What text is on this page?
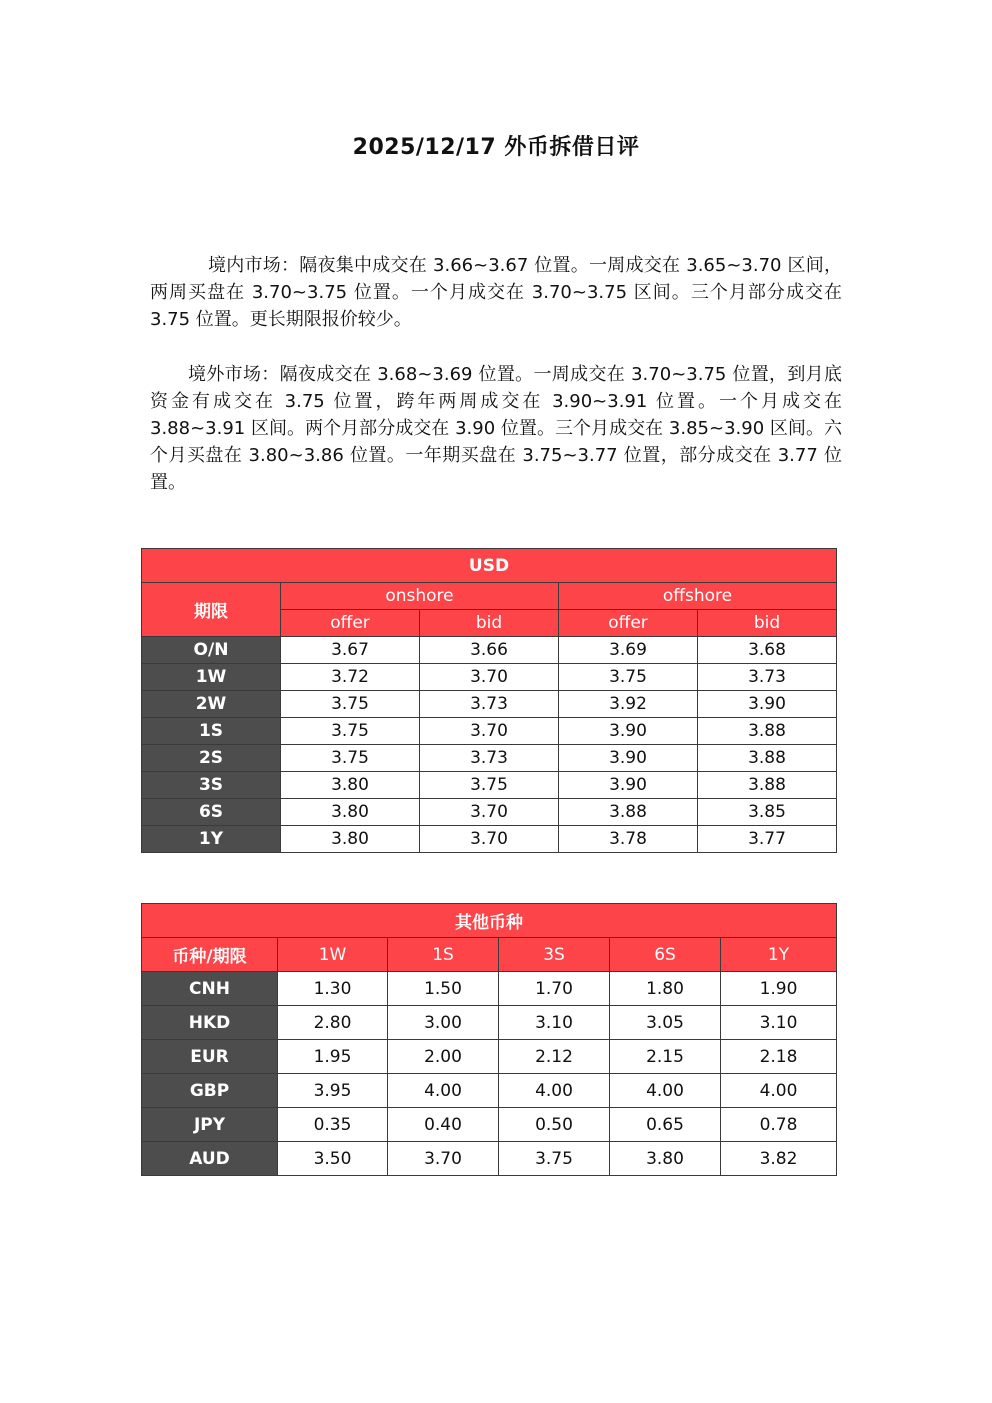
2025/12/17 外币拆借日评

境内市场：隔夜集中成交在 3.66~3.67 位置。一周成交在 3.65~3.70 区间，两周买盘在 3.70~3.75 位置。一个月成交在 3.70~3.75 区间。三个月部分成交在 3.75 位置。更长期限报价较少。

境外市场：隔夜成交在 3.68~3.69 位置。一周成交在 3.70~3.75 位置，到月底资金有成交在 3.75 位置，跨年两周成交在 3.90~3.91 位置。一个月成交在 3.88~3.91 区间。两个月部分成交在 3.90 位置。三个月成交在 3.85~3.90 区间。六个月买盘在 3.80~3.86 位置。一年期买盘在 3.75~3.77 位置，部分成交在 3.77 位置。

USD				
期限	onshore		offshore	
	offer	bid	offer	bid
O/N	3.67	3.66	3.69	3.68
1W	3.72	3.70	3.75	3.73
2W	3.75	3.73	3.92	3.90
1S	3.75	3.70	3.90	3.88
2S	3.75	3.73	3.90	3.88
3S	3.80	3.75	3.90	3.88
6S	3.80	3.70	3.88	3.85
1Y	3.80	3.70	3.78	3.77
其他币种					
币种/期限	1W	1S	3S	6S	1Y
CNH	1.30	1.50	1.70	1.80	1.90
HKD	2.80	3.00	3.10	3.05	3.10
EUR	1.95	2.00	2.12	2.15	2.18
GBP	3.95	4.00	4.00	4.00	4.00
JPY	0.35	0.40	0.50	0.65	0.78
AUD	3.50	3.70	3.75	3.80	3.82
